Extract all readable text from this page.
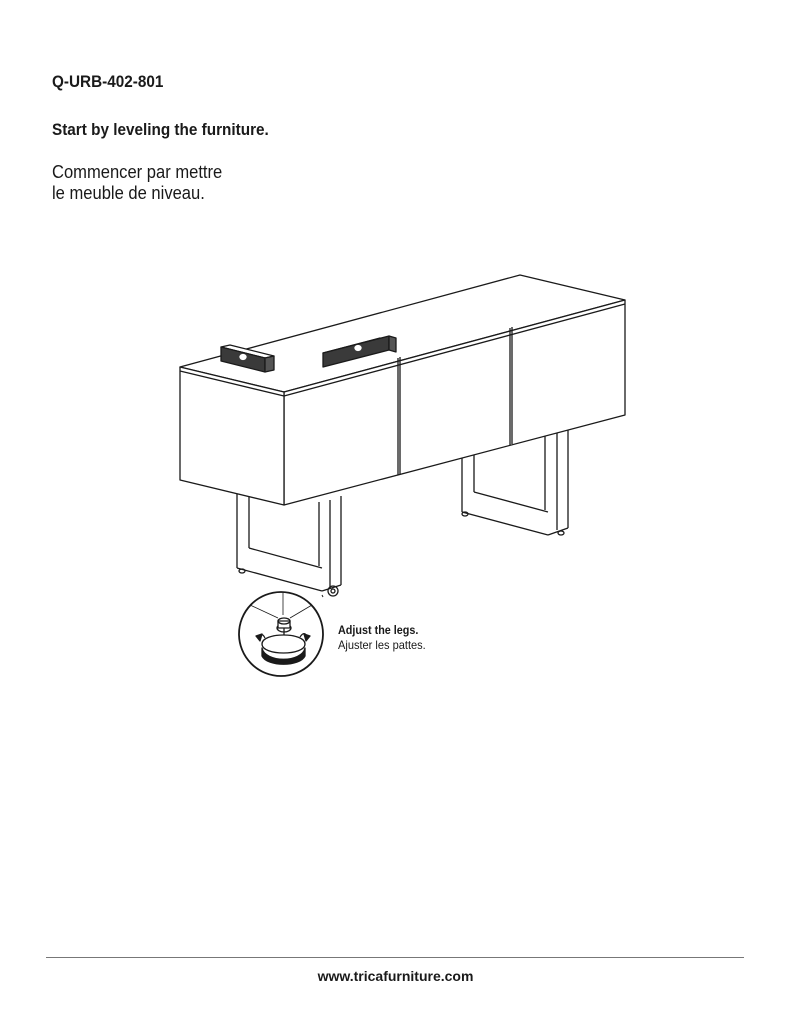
Q-URB-402-801
Start by leveling the furniture.
Commencer par mettre
le meuble de niveau.
Adjust the legs.
Ajuster les pattes.
www.tricafurniture.com
